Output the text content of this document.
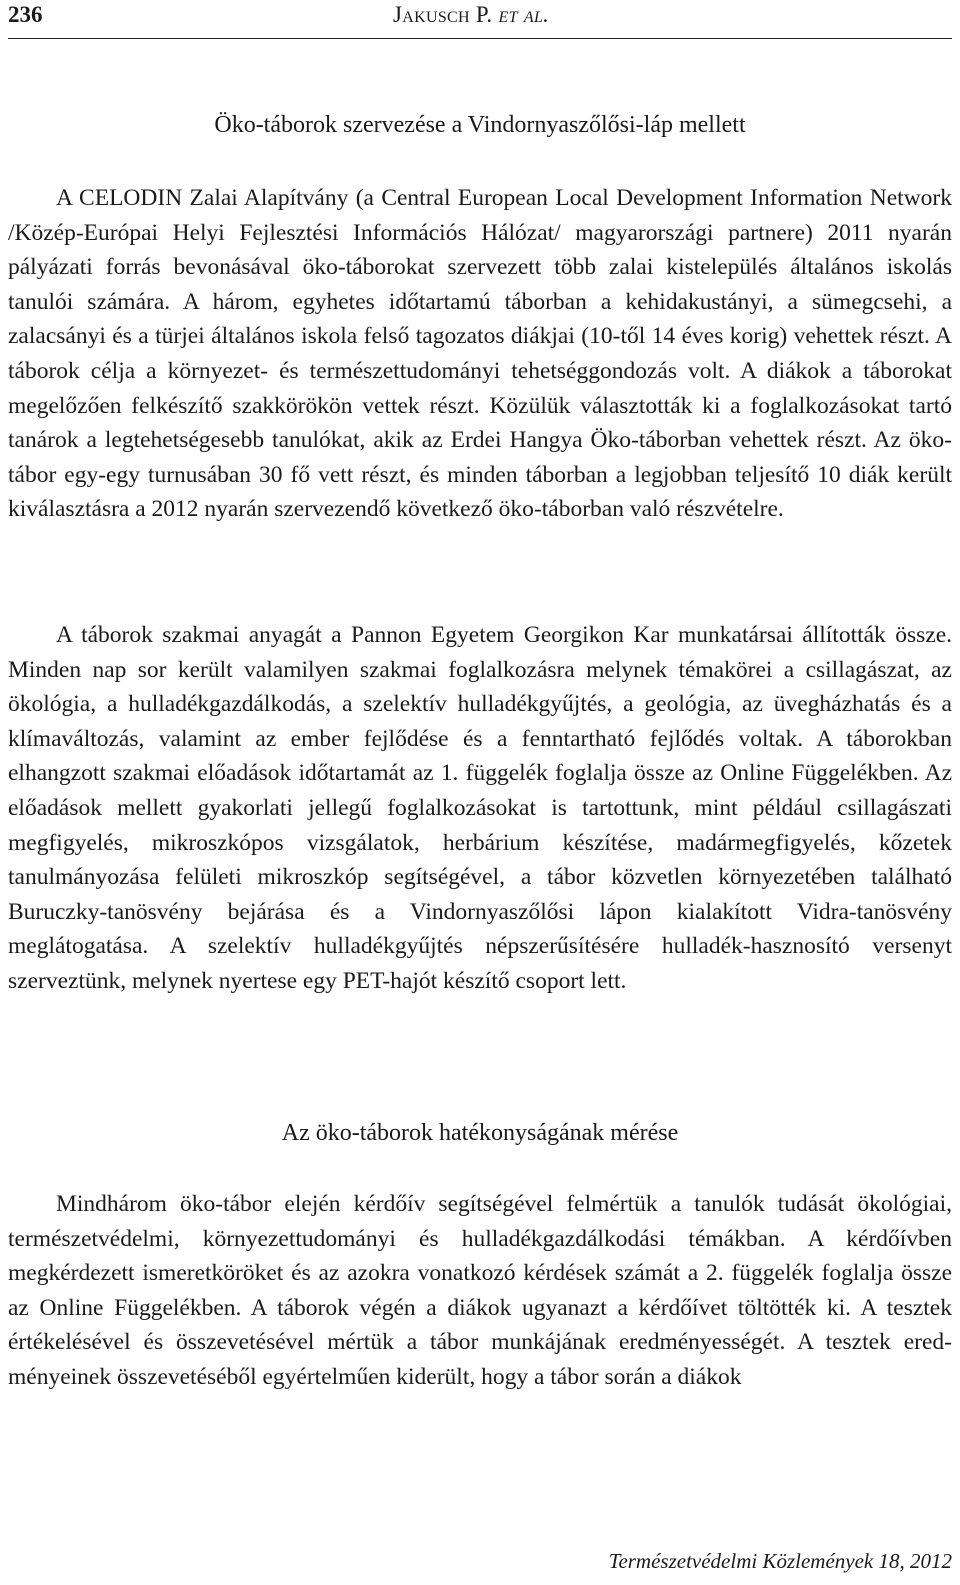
236	Jakusch P. et al.
Öko-táborok szervezése a Vindornyaszőlősi-láp mellett

A CELODIN Zalai Alapítvány (a Central European Local Development Information Network /Közép-Európai Helyi Fejlesztési Információs Hálózat/ magyarországi partnere) 2011 nyarán pályázati forrás bevonásával öko-táborokat szervezett több zalai kistelepülés általános iskolás tanulói számára. A három, egyhetes időtartamú táborban a kehidakustányi, a sümegcsehi, a zalacsányi és a türjei általános iskola felső tagozatos diákjai (10-től 14 éves korig) vehettek részt. A táborok célja a környezet- és természettudományi tehetséggondozás volt. A diákok a táborokat megelőzően felkészítő szakkörökön vettek részt. Közülük választották ki a foglalkozásokat tartó tanárok a legtehetségesebb tanulókat, akik az Erdei Hangya Öko-táborban vehettek részt. Az öko-tábor egy-egy turnusában 30 fő vett részt, és minden táborban a legjobban teljesítő 10 diák került kiválasztásra a 2012 nyarán szervezendő következő öko-táborban való részvételre.

A táborok szakmai anyagát a Pannon Egyetem Georgikon Kar munkatársai állították össze. Minden nap sor került valamilyen szakmai foglalkozásra melynek témakörei a csillagászat, az ökológia, a hulladékgazdálkodás, a szelektív hulladékgyűjtés, a geológia, az üvegházhatás és a klímaváltozás, valamint az ember fejlődése és a fenntartható fejlődés voltak. A táborokban elhangzott szakmai előadások időtartamát az 1. függelék foglalja össze az Online Függelékben. Az előadások mellett gyakorlati jellegű foglalkozásokat is tartottunk, mint például csillagászati megfigyelés, mikroszkópos vizsgálatok, herbárium készítése, madármegfigyelés, kőzetek tanulmányozása felületi mikroszkóp segítségével, a tábor közvetlen környezetében található Buruczky-tanösvény bejárása és a Vindornyaszőlősi lápon kialakított Vidra-tanösvény meglátogatása. A szelektív hulladékgyűjtés népszerűsítésére hulladék-hasznosító versenyt szerveztünk, melynek nyertese egy PET-hajót készítő csoport lett.

Az öko-táborok hatékonyságának mérése

Mindhárom öko-tábor elején kérdőív segítségével felmértük a tanulók tudását ökológiai, természetvédelmi, környezettudományi és hulladékgazdálkodási témákban. A kérdőívben megkérdezett ismeretköröket és az azokra vonatkozó kérdések számát a 2. függelék foglalja össze az Online Függelékben. A táborok végén a diákok ugyanazt a kérdőívet töltötték ki. A tesztek értékelésével és összevetésével mértük a tábor munkájának eredményességét. A tesztek eredményeinek összevetéséből egyértelműen kiderült, hogy a tábor során a diákok

Természetvédelmi Közlemények 18, 2012
